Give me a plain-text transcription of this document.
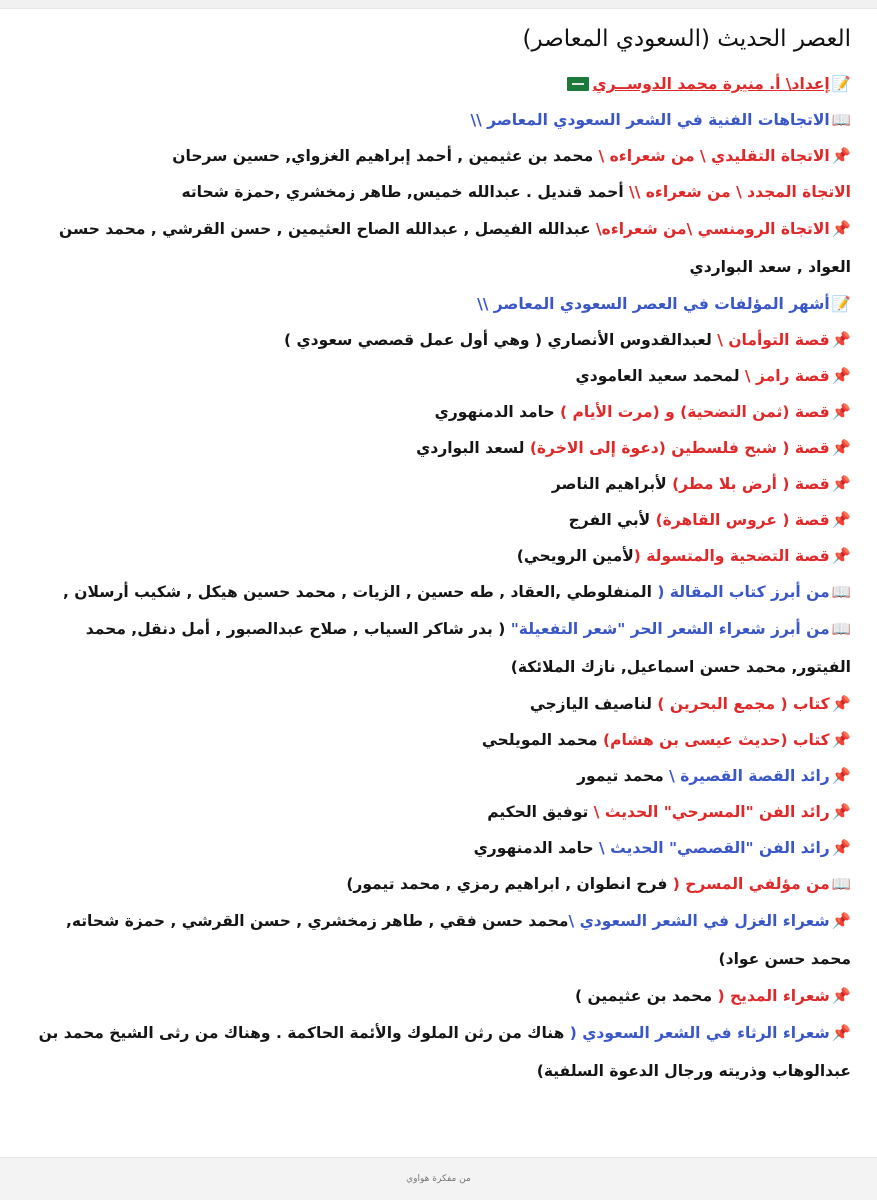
العصر الحديث (السعودي المعاصر)
📝إعداد\ أ. منيرة محمد الدوســري
📖الاتجاهات الفنية في الشعر السعودي المعاصر \\
📌الاتجاة التقليدي \ من شعراءه \ محمد بن عثيمين , أحمد إبراهيم الغزواي, حسين سرحان
الاتجاة المجدد \ من شعراءه \\ أحمد قنديل . عبدالله خميس, طاهر زمخشري ,حمزة شحاته
📌الاتجاة الرومنسي \من شعراءه\ عبدالله الفيصل , عبدالله الصاح العثيمين , حسن القرشي , محمد حسن العواد , سعد البواردي
📝أشهر المؤلفات في العصر السعودي المعاصر \\
📌قصة التوأمان \ لعبدالقدوس الأنصاري ( وهي أول عمل قصصي سعودي )
📌قصة رامز \ لمحمد سعيد العامودي
📌قصة (ثمن التضحية) و (مرت الأيام ) حامد الدمنهوري
📌قصة ( شبح فلسطين (دعوة إلى الاخرة) لسعد البواردي
📌قصة ( أرض بلا مطر) لأبراهيم الناصر
📌قصة ( عروس القاهرة) لأبي الفرج
📌قصة التضحية والمتسولة (لأمين الرويحي)
📖من أبرز كتاب المقالة ( المنفلوطي ,العقاد , طه حسين , الزيات , محمد حسين هيكل , شكيب أرسلان ,
📖من أبرز شعراء الشعر الحر "شعر التفعيلة" ( بدر شاكر السياب , صلاح عبدالصبور , أمل دنقل, محمد الفيتور, محمد حسن اسماعيل, نازك الملائكة)
📌كتاب ( مجمع البحرين ) لناصيف اليازجي
📌كتاب (حديث عيسى بن هشام) محمد المويلحي
📌رائد القصة القصيرة \ محمد تيمور
📌رائد الفن "المسرحي" الحديث \ توفيق الحكيم
📌رائد الفن "القصصي" الحديث \ حامد الدمنهوري
📖من مؤلفي المسرح ( فرح انطوان , ابراهيم رمزي , محمد تيمور)
📌شعراء الغزل في الشعر السعودي \محمد حسن فقي , طاهر زمخشري , حسن القرشي , حمزة شحاته, محمد حسن عواد)
📌شعراء المديح ( محمد بن عثيمين )
📌شعراء الرثاء في الشعر السعودي ( هناك من رثن الملوك والأئمة الحاكمة . وهناك من رثى الشيخ محمد بن عبدالوهاب وذريته ورجال الدعوة السلفية)
من مفكرة هواوي
